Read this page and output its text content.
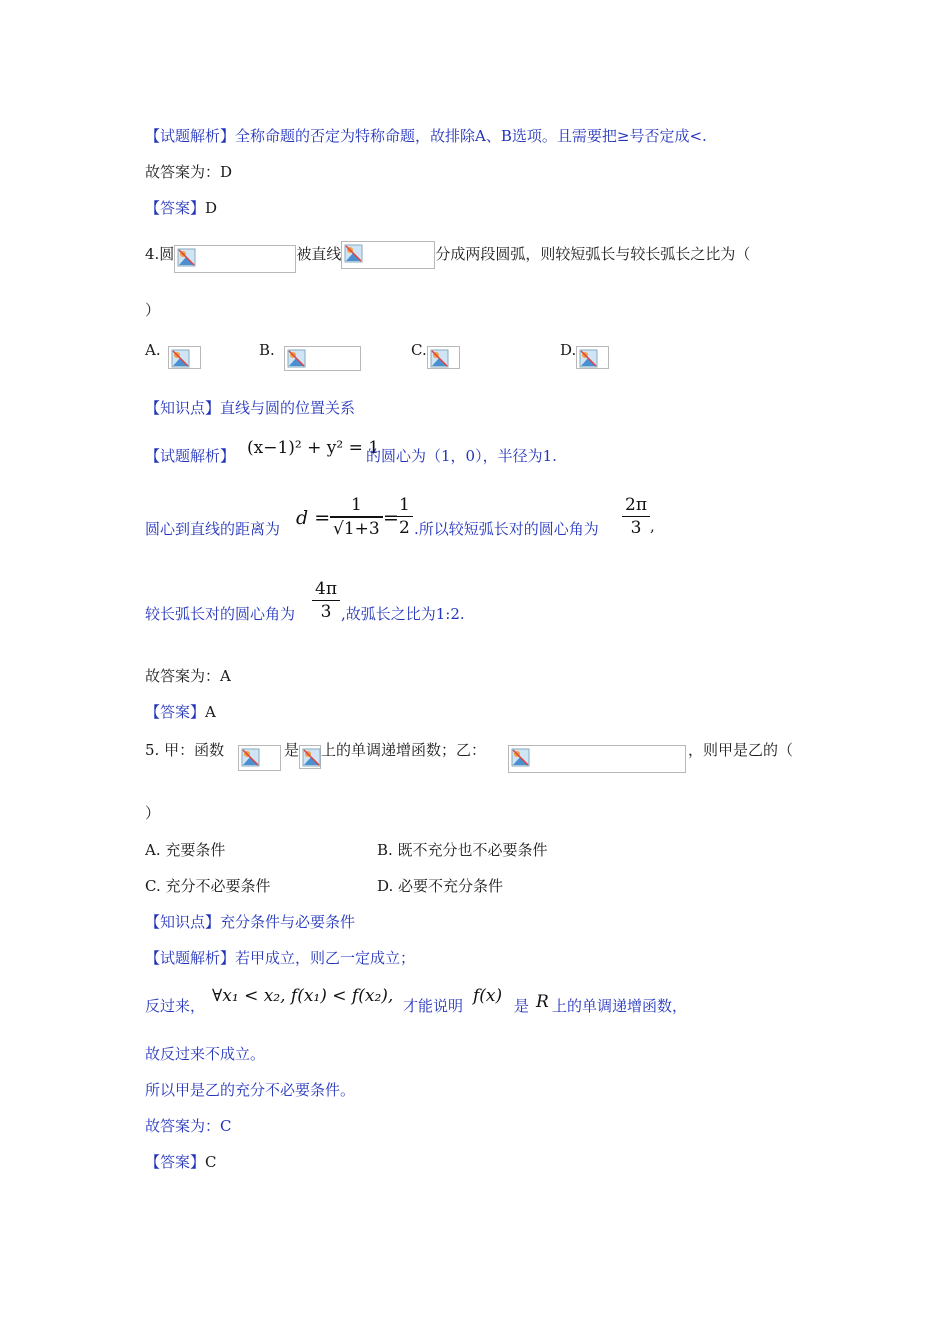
【试题解析】全称命题的否定为特称命题，故排除A、B选项。且需要把≥号否定成<.
故答案为：D
【答案】D
4.圆	被直线	分成两段圆弧，则较短弧长与较长弧长之比为（
）
A.	B.	C.	D.
【知识点】直线与圆的位置关系
【试题解析】 (x−1)² + y² = 1
的圆心为（1，0），半径为1.
圆心到直线的距离为 $d = \frac{1}{√1+3}$ =
$\frac{1}{2}$ .所以较短弧长对的圆心角为 $\frac{2\pi}{3}$ ,
较长弧长对的圆心角为 $\frac{4\pi}{3}$ ,故弧长之比为1:2.
故答案为：A
【答案】A
5. 甲：函数	是 上的单调递增函数；乙：	，则甲是乙的（
）
A. 充要条件	B. 既不充分也不必要条件
C. 充分不必要条件	D. 必要不充分条件
【知识点】充分条件与必要条件
【试题解析】若甲成立，则乙一定成立；
反过来， ∀x₁ < x₂, f(x₁) < f(x₂), 才能说明 f(x) 是 R 上的单调递增函数，
故反过来不成立。
所以甲是乙的充分不必要条件。
故答案为：C
【答案】C
